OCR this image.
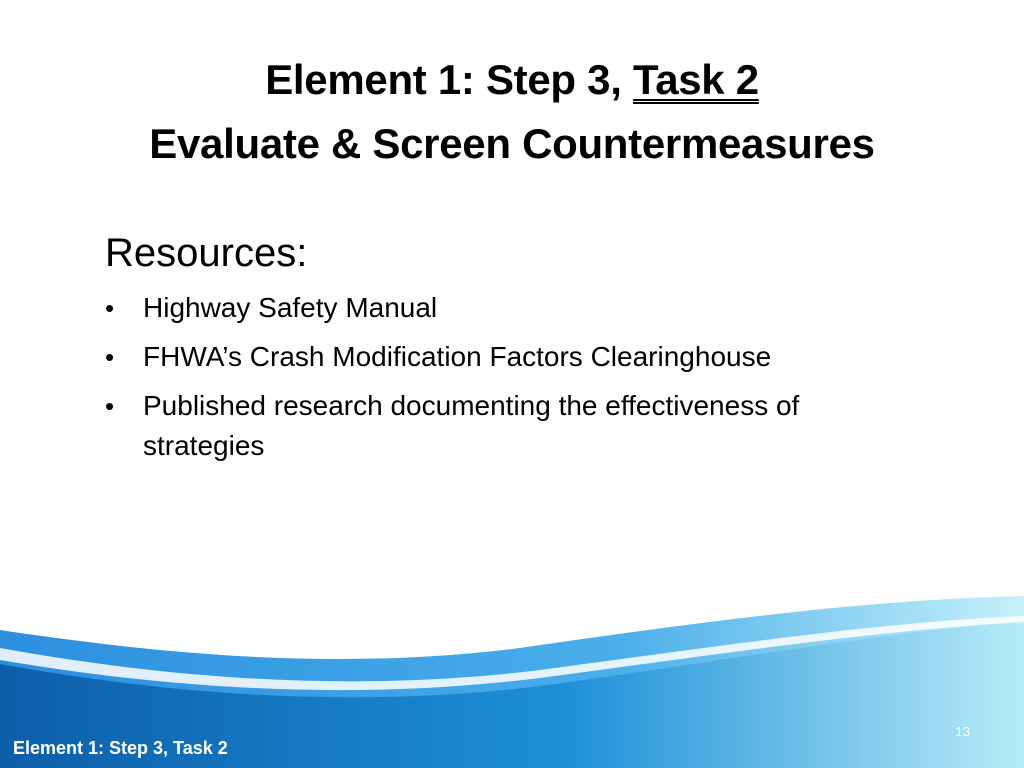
Element 1: Step 3, Task 2
Evaluate & Screen Countermeasures
Resources:
• Highway Safety Manual
• FHWA’s Crash Modification Factors Clearinghouse
• Published research documenting the effectiveness of strategies
13
Element 1: Step 3, Task 2
